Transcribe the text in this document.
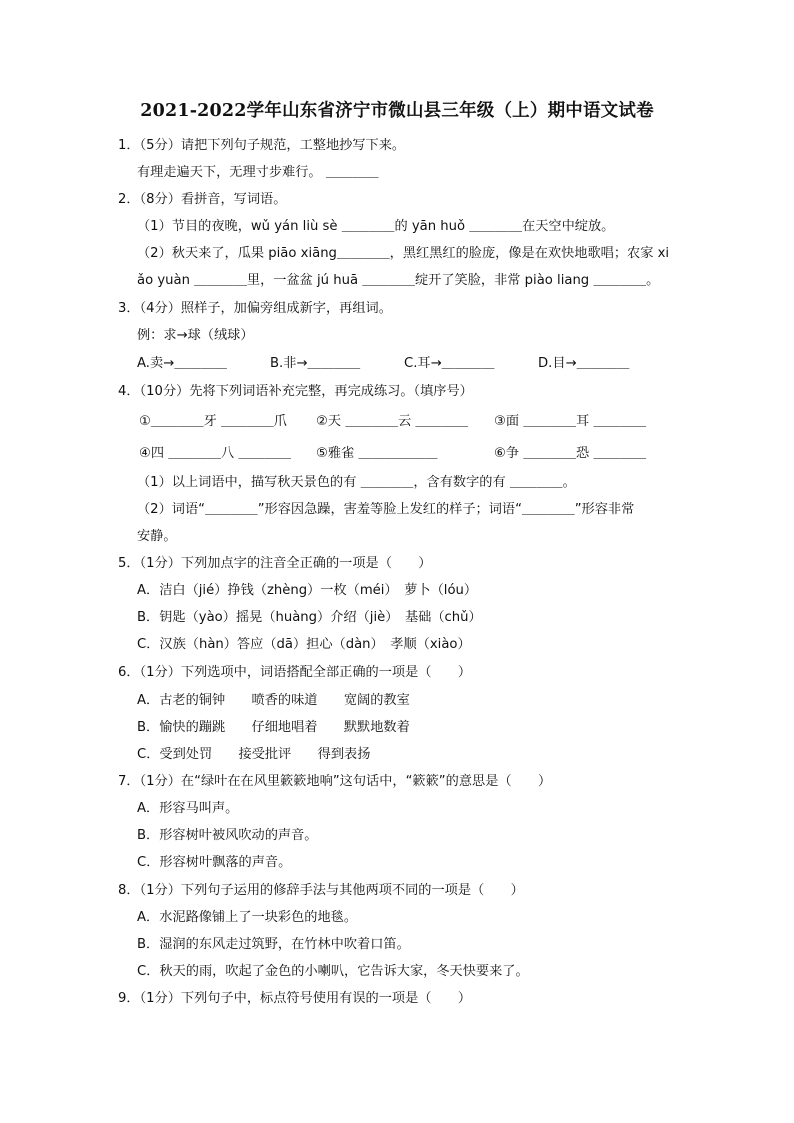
2021-2022学年山东省济宁市微山县三年级（上）期中语文试卷
1．（5分）请把下列句子规范，工整地抄写下来。
有理走遍天下，无理寸步难行。 ＿＿＿＿
2．（8分）看拼音，写词语。
（1）节目的夜晚，wǔ yán liù sè ＿＿＿＿的 yān huǒ ＿＿＿＿在天空中绽放。
（2）秋天来了，瓜果 piāo xiāng＿＿＿＿，黑红黑红的脸庞，像是在欢快地歌唱；农家 xi
ǎo yuàn ＿＿＿＿里，一盆盆 jú huā ＿＿＿＿绽开了笑脸，非常 piào liang ＿＿＿＿。
3．（4分）照样子，加偏旁组成新字，再组词。
例：求→球（绒球）
A.卖→＿＿＿＿	B.非→＿＿＿＿	C.耳→＿＿＿＿	D.目→＿＿＿＿
4．（10分）先将下列词语补充完整，再完成练习。（填序号）
①＿＿＿＿牙 ＿＿＿＿爪 ②天 ＿＿＿＿云 ＿＿＿＿ ③面 ＿＿＿＿耳 ＿＿＿＿
④四 ＿＿＿＿八 ＿＿＿＿ ⑤雅雀 ＿＿＿＿＿＿	⑥争 ＿＿＿＿恐 ＿＿＿＿
（1）以上词语中，描写秋天景色的有 ＿＿＿＿，含有数字的有 ＿＿＿＿。
（2）词语“＿＿＿＿”形容因急躁，害羞等脸上发红的样子；词语“＿＿＿＿”形容非常
安静。
5．（1分）下列加点字的注音全正确的一项是（　　）
A．洁白（jié）挣钱（zhèng）一枚（méi）　萝卜（lóu）
B．钥匙（yào）摇晃（huàng）介绍（jiè）　基础（chǔ）
C．汉族（hàn）答应（dā）担心（dàn）　孝顺（xiào）
6．（1分）下列选项中，词语搭配全部正确的一项是（　　）
A．古老的铜钟　　喷香的味道　　宽阔的教室
B．愉快的蹦跳　　仔细地唱着　　默默地数着
C．受到处罚　　接受批评　　得到表扬
7．（1分）在“绿叶在在风里簌簌地响”这句话中，“簌簌”的意思是（　　）
A．形容马叫声。
B．形容树叶被风吹动的声音。
C．形容树叶飘落的声音。
8．（1分）下列句子运用的修辞手法与其他两项不同的一项是（　　）
A．水泥路像铺上了一块彩色的地毯。
B．湿润的东风走过筑野，在竹林中吹着口笛。
C．秋天的雨，吹起了金色的小喇叭，它告诉大家，冬天快要来了。
9．（1分）下列句子中，标点符号使用有误的一项是（　　）
